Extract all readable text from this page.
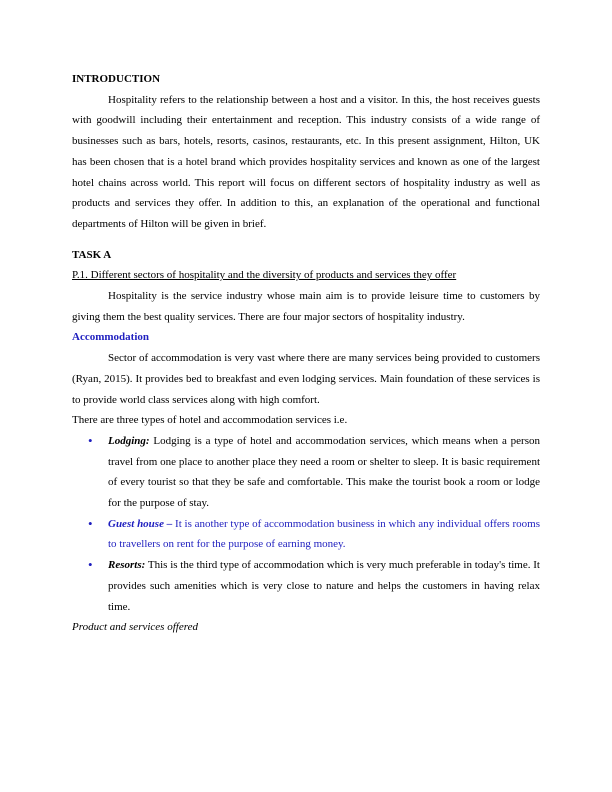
INTRODUCTION

Hospitality refers to the relationship between a host and a visitor. In this, the host receives guests with goodwill including their entertainment and reception. This industry consists of a wide range of businesses such as bars, hotels, resorts, casinos, restaurants, etc. In this present assignment, Hilton, UK has been chosen that is a hotel brand which provides hospitality services and known as one of the largest hotel chains across world. This report will focus on different sectors of hospitality industry as well as products and services they offer. In addition to this, an explanation of the operational and functional departments of Hilton will be given in brief.

TASK A

P.1. Different sectors of hospitality and the diversity of products and services they offer

Hospitality is the service industry whose main aim is to provide leisure time to customers by giving them the best quality services. There are four major sectors of hospitality industry.

Accommodation

Sector of accommodation is very vast where there are many services being provided to customers (Ryan, 2015). It provides bed to breakfast and even lodging services. Main foundation of these services is to provide world class services along with high comfort.

There are three types of hotel and accommodation services i.e.

• Lodging: Lodging is a type of hotel and accommodation services, which means when a person travel from one place to another place they need a room or shelter to sleep. It is basic requirement of every tourist so that they be safe and comfortable. This make the tourist book a room or lodge for the purpose of stay.
• Guest house – It is another type of accommodation business in which any individual offers rooms to travellers on rent for the purpose of earning money.
• Resorts: This is the third type of accommodation which is very much preferable in today's time. It provides such amenities which is very close to nature and helps the customers in having relax time.

Product and services offered
